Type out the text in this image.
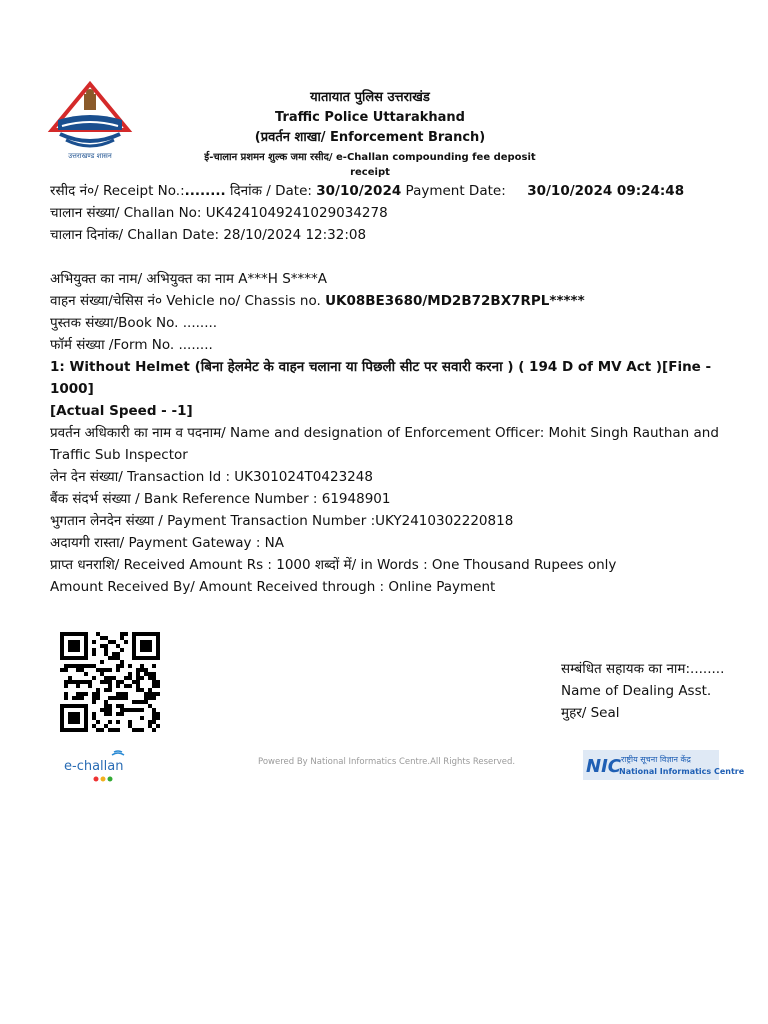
उत्तराखण्ड शासन
यातायात पुलिस उत्तराखंड
Traffic Police Uttarakhand
(प्रवर्तन शाखा/ Enforcement Branch)
ई-चालान प्रशमन शुल्क जमा रसीद/ e-Challan compounding fee deposit
receipt
रसीद नं०/ Receipt No.:........ दिनांक / Date: 30/10/2024 Payment Date:     30/10/2024 09:24:48
चालान संख्या/ Challan No: UK4241049241029034278
चालान दिनांक/ Challan Date: 28/10/2024 12:32:08
अभियुक्त का नाम/ अभियुक्त का नाम A***H S****A
वाहन संख्या/चेसिस नं० Vehicle no/ Chassis no. UK08BE3680/MD2B72BX7RPL*****
पुस्तक संख्या/Book No. ........
फॉर्म संख्या /Form No. ........
1: Without Helmet (बिना हेलमेट के वाहन चलाना या पिछली सीट पर सवारी करना ) ( 194 D of MV Act )[Fine - 1000]
[Actual Speed - -1]
प्रवर्तन अधिकारी का नाम व पदनाम/ Name and designation of Enforcement Officer: Mohit Singh Rauthan and Traffic Sub Inspector
लेन देन संख्या/ Transaction Id : UK301024T0423248
बैंक संदर्भ संख्या / Bank Reference Number : 61948901
भुगतान लेनदेन संख्या / Payment Transaction Number :UKY2410302220818
अदायगी रास्ता/ Payment Gateway : NA
प्राप्त धनराशि/ Received Amount Rs : 1000 शब्दों में/ in Words : One Thousand Rupees only
Amount Received By/ Amount Received through : Online Payment
सम्बंधित सहायक का नाम:........
Name of Dealing Asst.
मुहर/ Seal
e-challan	Powered By National Informatics Centre.All Rights Reserved.	NIC राष्ट्रीय सूचना विज्ञान केंद्र
National Informatics Centre
